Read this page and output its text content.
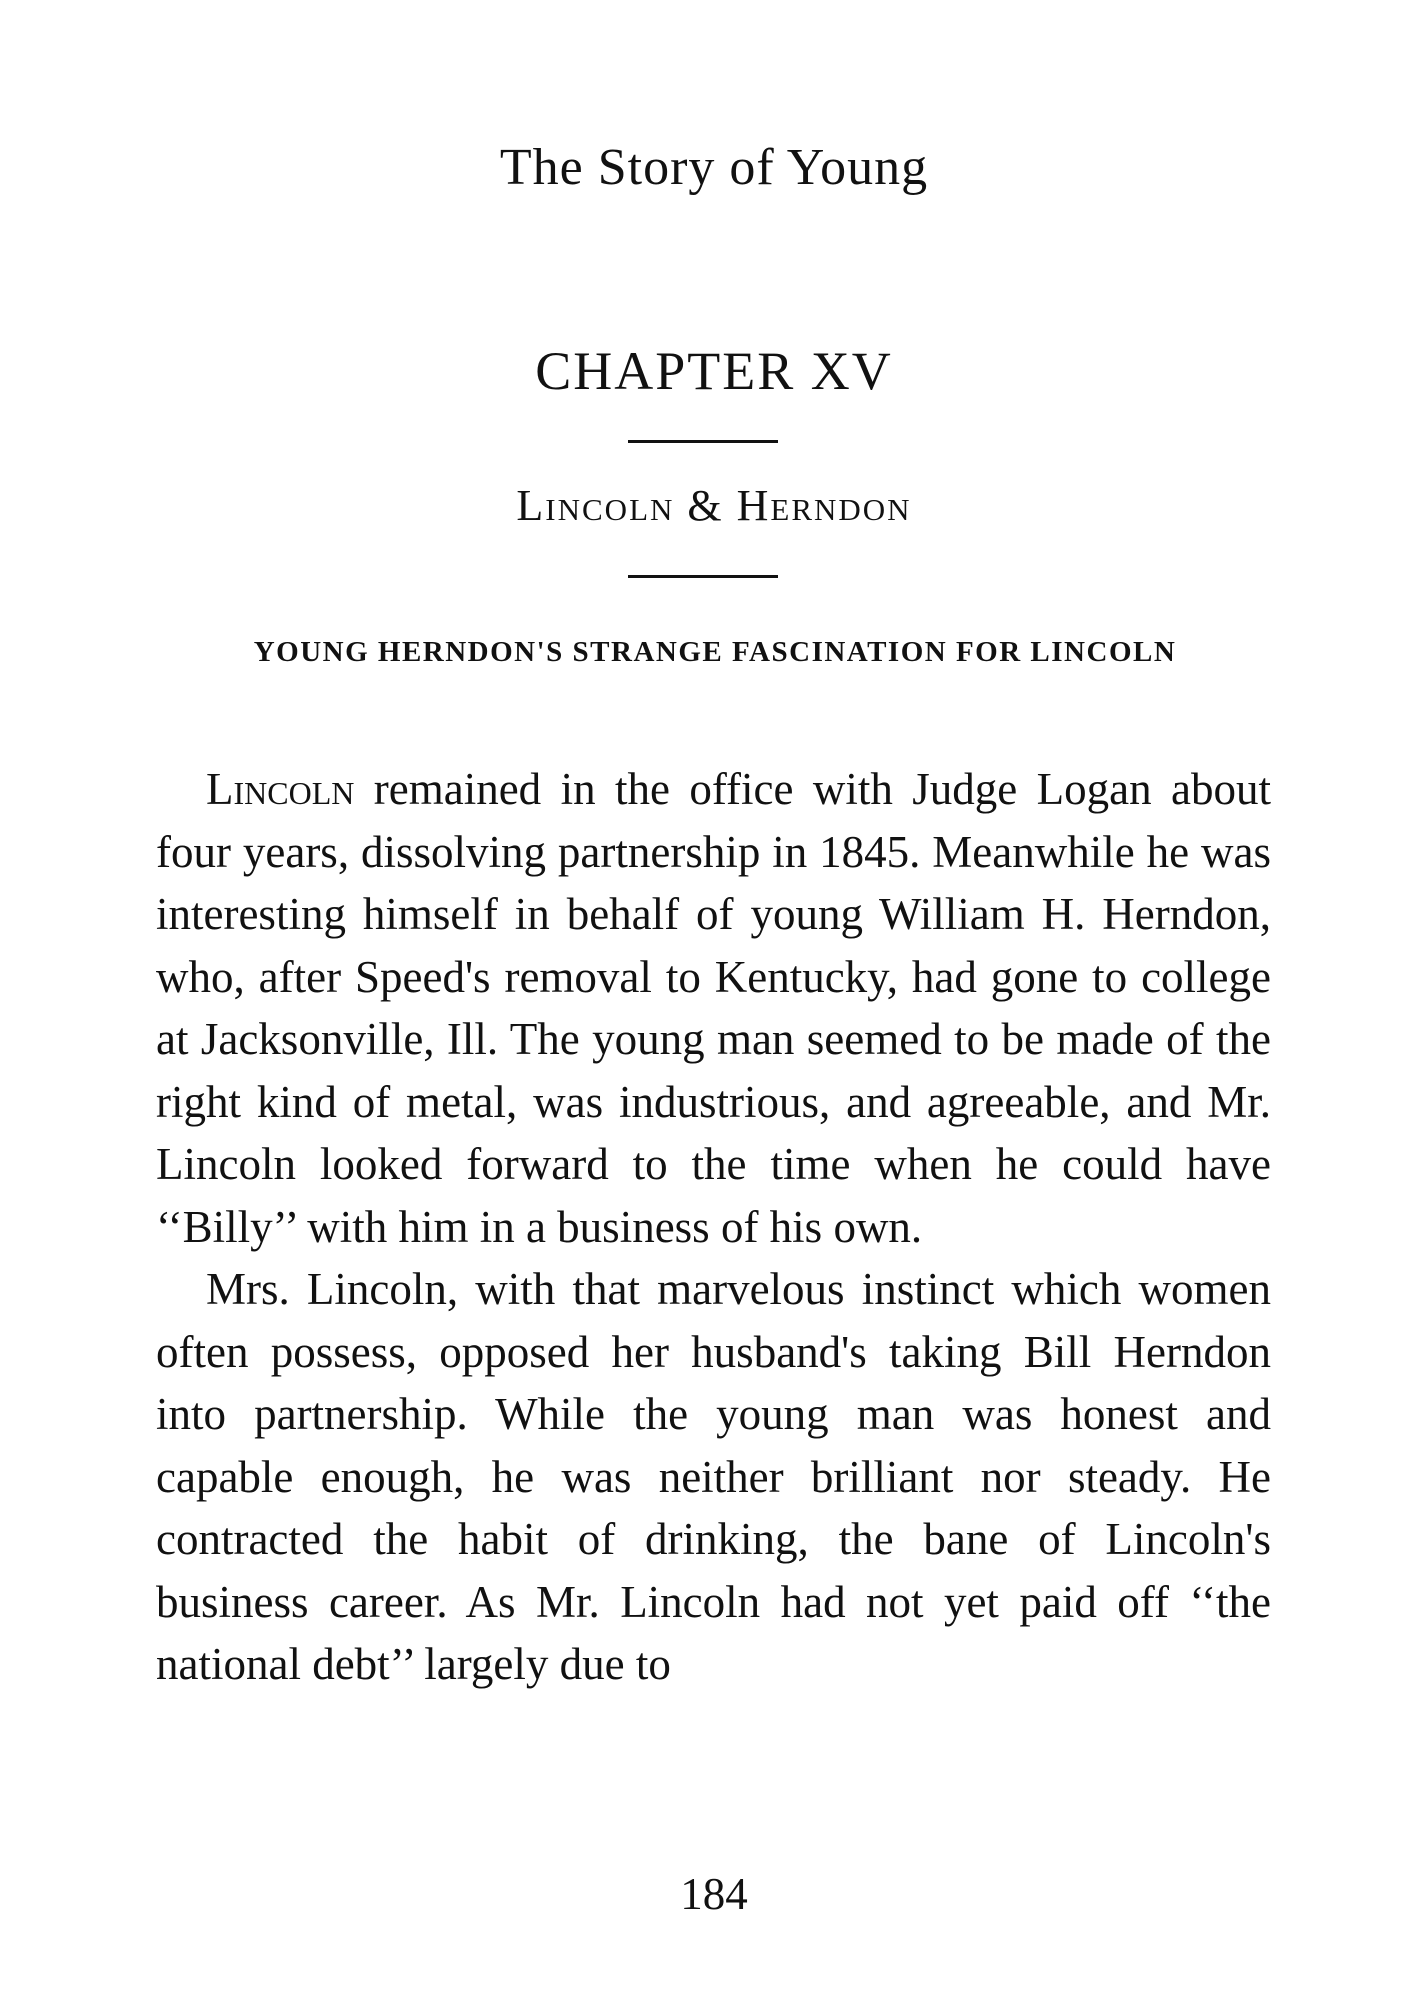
The Story of Young
CHAPTER XV
Lincoln & Herndon
YOUNG HERNDON'S STRANGE FASCINATION FOR LINCOLN

Lincoln remained in the office with Judge Logan about four years, dissolving partnership in 1845. Meanwhile he was interesting himself in behalf of young William H. Herndon, who, after Speed's removal to Kentucky, had gone to college at Jacksonville, Ill. The young man seemed to be made of the right kind of metal, was industrious, and agreeable, and Mr. Lincoln looked forward to the time when he could have ‘‘Billy’’ with him in a business of his own.

Mrs. Lincoln, with that marvelous instinct which women often possess, opposed her husband's taking Bill Herndon into partnership. While the young man was honest and capable enough, he was neither brilliant nor steady. He contracted the habit of drinking, the bane of Lincoln's business career. As Mr. Lincoln had not yet paid off ‘‘the national debt’’ largely due to

184
